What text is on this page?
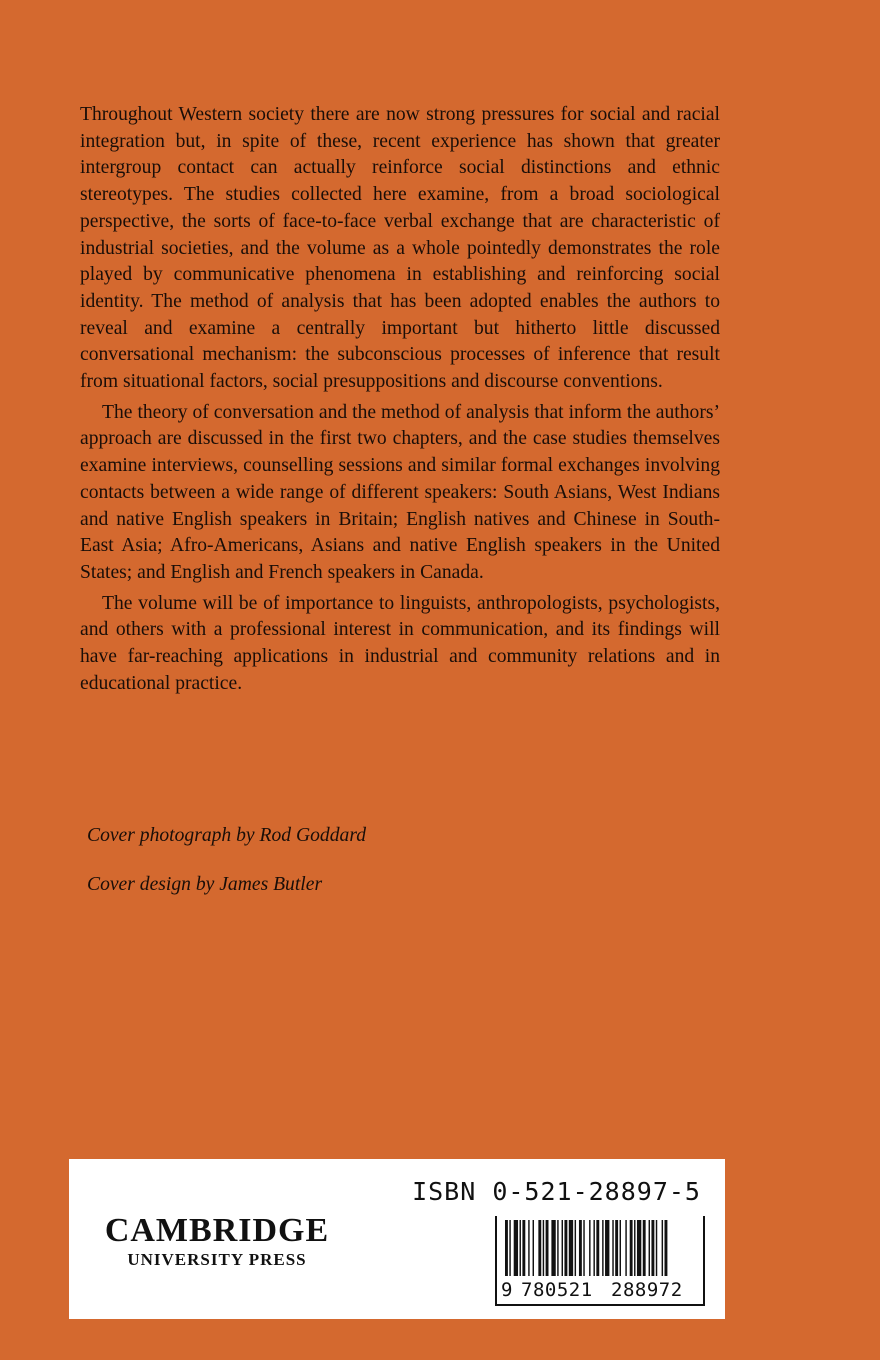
Throughout Western society there are now strong pressures for social and racial integration but, in spite of these, recent experience has shown that greater intergroup contact can actually reinforce social distinctions and ethnic stereotypes. The studies collected here examine, from a broad sociological perspective, the sorts of face-to-face verbal exchange that are characteristic of industrial societies, and the volume as a whole pointedly demonstrates the role played by communicative phenomena in establishing and reinforcing social identity. The method of analysis that has been adopted enables the authors to reveal and examine a centrally important but hitherto little discussed conversational mechanism: the subconscious processes of inference that result from situational factors, social presuppositions and discourse conventions.

The theory of conversation and the method of analysis that inform the authors’ approach are discussed in the first two chapters, and the case studies themselves examine interviews, counselling sessions and similar formal exchanges involving contacts between a wide range of different speakers: South Asians, West Indians and native English speakers in Britain; English natives and Chinese in South-East Asia; Afro-Americans, Asians and native English speakers in the United States; and English and French speakers in Canada.

The volume will be of importance to linguists, anthropologists, psychologists, and others with a professional interest in communication, and its findings will have far-reaching applications in industrial and community relations and in educational practice.

Cover photograph by Rod Goddard
Cover design by James Butler
CAMBRIDGE
UNIVERSITY PRESS
ISBN 0-521-28897-5
9 780521 288972
